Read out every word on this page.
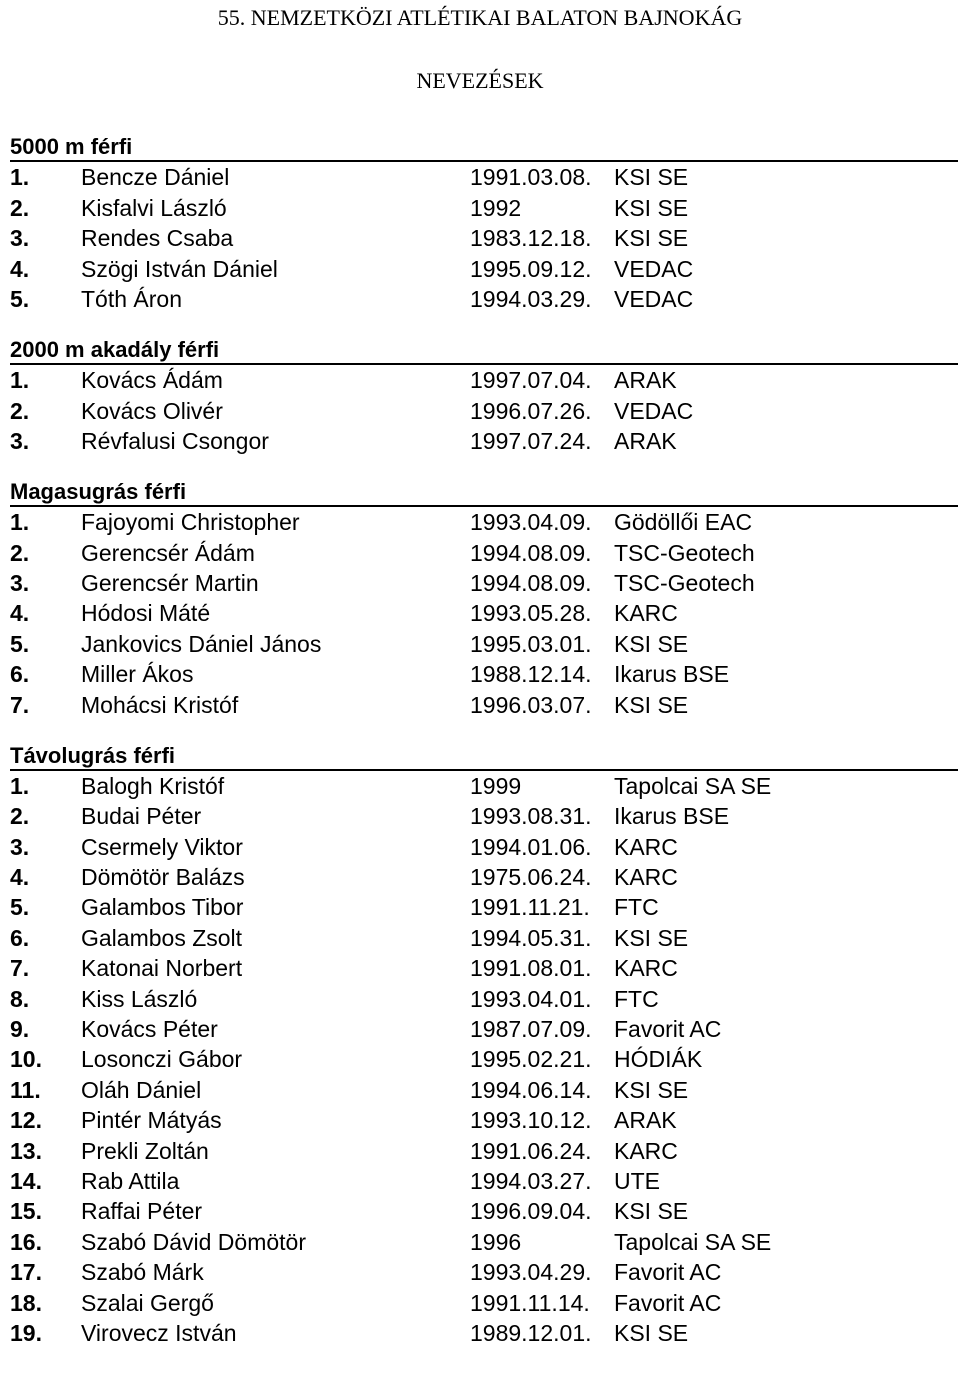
55. NEMZETKÖZI ATLÉTIKAI BALATON BAJNOKÁG
NEVEZÉSEK
5000 m férfi
1. Bencze Dániel	1991.03.08. KSI SE
2. Kisfalvi László	1992	KSI SE
3. Rendes Csaba	1983.12.18. KSI SE
4. Szögi István Dániel	1995.09.12. VEDAC
5. Tóth Áron	1994.03.29. VEDAC
2000 m akadály férfi
1. Kovács Ádám	1997.07.04. ARAK
2. Kovács Olivér	1996.07.26. VEDAC
3. Révfalusi Csongor	1997.07.24. ARAK
Magasugrás férfi
1. Fajoyomi Christopher	1993.04.09. Gödöllői EAC
2. Gerencsér Ádám	1994.08.09. TSC-Geotech
3. Gerencsér Martin	1994.08.09. TSC-Geotech
4. Hódosi Máté	1993.05.28. KARC
5. Jankovics Dániel János	1995.03.01. KSI SE
6. Miller Ákos	1988.12.14. Ikarus BSE
7. Mohácsi Kristóf	1996.03.07. KSI SE
Távolugrás férfi
1. Balogh Kristóf	1999	Tapolcai SA SE
2. Budai Péter	1993.08.31. Ikarus BSE
3. Csermely Viktor	1994.01.06. KARC
4. Dömötör Balázs	1975.06.24. KARC
5. Galambos Tibor	1991.11.21. FTC
6. Galambos Zsolt	1994.05.31. KSI SE
7. Katonai Norbert	1991.08.01. KARC
8. Kiss László	1993.04.01. FTC
9. Kovács Péter	1987.07.09. Favorit AC
10. Losonczi Gábor	1995.02.21. HÓDIÁK
11. Oláh Dániel	1994.06.14. KSI SE
12. Pintér Mátyás	1993.10.12. ARAK
13. Prekli Zoltán	1991.06.24. KARC
14. Rab Attila	1994.03.27. UTE
15. Raffai Péter	1996.09.04. KSI SE
16. Szabó Dávid Dömötör	1996	Tapolcai SA SE
17. Szabó Márk	1993.04.29. Favorit AC
18. Szalai Gergő	1991.11.14. Favorit AC
19. Virovecz István	1989.12.01. KSI SE
